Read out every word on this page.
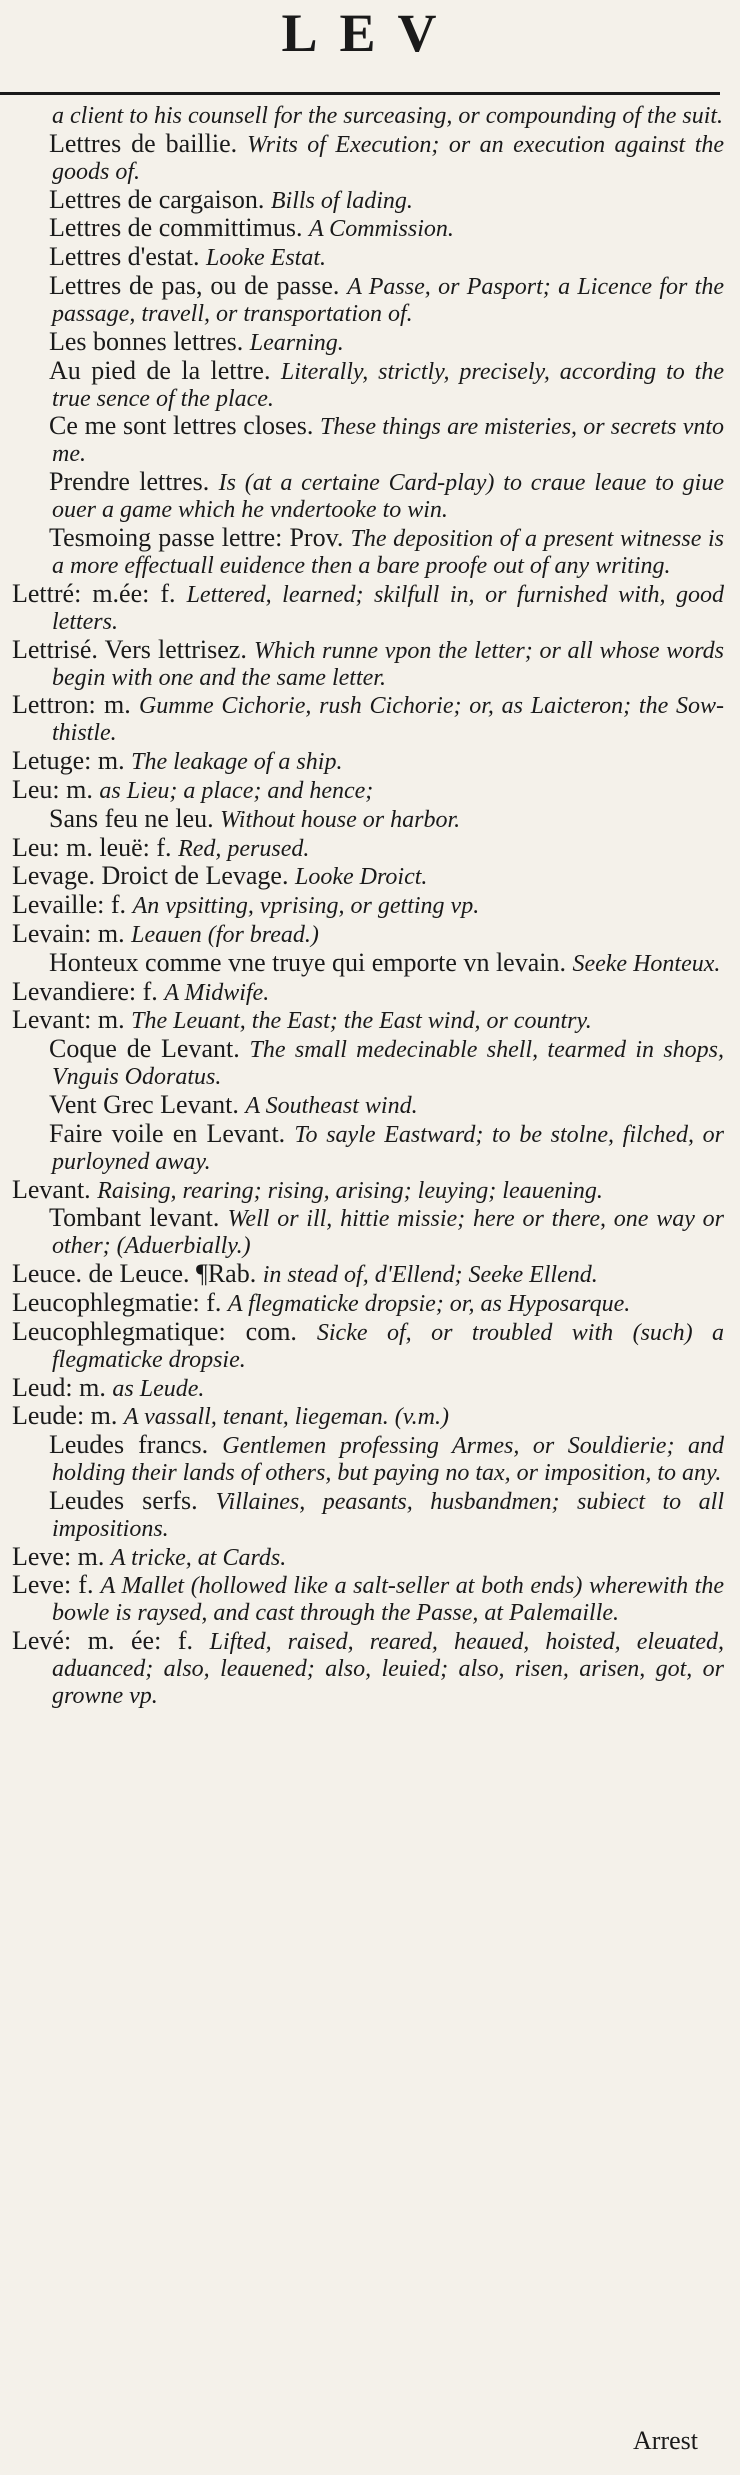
LEV

a client to his counsell for the surceasing, or compounding of the suit.

Lettres de baillie. Writs of Execution; or an execution against the goods of.

Lettres de cargaison. Bills of lading.

Lettres de committimus. A Commission.

Lettres d'estat. Looke Estat.

Lettres de pas, ou de passe. A Passe, or Pasport; a Licence for the passage, travell, or transportation of.

Les bonnes lettres. Learning.

Au pied de la lettre. Literally, strictly, precisely, according to the true sence of the place.

Ce me sont lettres closes. These things are misteries, or secrets vnto me.

Prendre lettres. Is (at a certaine Card-play) to craue leaue to giue ouer a game which he vndertooke to win.

Tesmoing passe lettre: Prov. The deposition of a present witnesse is a more effectuall euidence then a bare proofe out of any writing.

Lettré: m.ée: f. Lettered, learned; skilfull in, or furnished with, good letters.

Lettrisé. Vers lettrisez. Which runne vpon the letter; or all whose words begin with one and the same letter.

Lettron: m. Gumme Cichorie, rush Cichorie; or, as Laicteron; the Sow-thistle.

Letuge: m. The leakage of a ship.

Leu: m. as Lieu; a place; and hence;

Sans feu ne leu. Without house or harbor.

Leu: m. leuë: f. Red, perused.

Levage. Droict de Levage. Looke Droict.

Levaille: f. An vpsitting, vprising, or getting vp.

Levain: m. Leauen (for bread.)

Honteux comme vne truye qui emporte vn levain. Seeke Honteux.

Levandiere: f. A Midwife.

Levant: m. The Leuant, the East; the East wind, or country.

Coque de Levant. The small medecinable shell, tearmed in shops, Vnguis Odoratus.

Vent Grec Levant. A Southeast wind.

Faire voile en Levant. To sayle Eastward; to be stolne, filched, or purloyned away.

Levant. Raising, rearing; rising, arising; leuying; leauening.

Tombant levant. Well or ill, hittie missie; here or there, one way or other; (Aduerbially.)

Leuce. de Leuce. ¶Rab. in stead of, d'Ellend; Seeke Ellend.

Leucophlegmatie: f. A flegmaticke dropsie; or, as Hyposarque.

Leucophlegmatique: com. Sicke of, or troubled with (such) a flegmaticke dropsie.

Leud: m. as Leude.

Leude: m. A vassall, tenant, liegeman. (v.m.)

Leudes francs. Gentlemen professing Armes, or Souldierie; and holding their lands of others, but paying no tax, or imposition, to any.

Leudes serfs. Villaines, peasants, husbandmen; subiect to all impositions.

Leve: m. A tricke, at Cards.

Leve: f. A Mallet (hollowed like a salt-seller at both ends) wherewith the bowle is raysed, and cast through the Passe, at Palemaille.

Levé: m. ée: f. Lifted, raised, reared, heaued, hoisted, eleuated, aduanced; also, leauened; also, leuied; also, risen, arisen, got, or growne vp.

Arrest
